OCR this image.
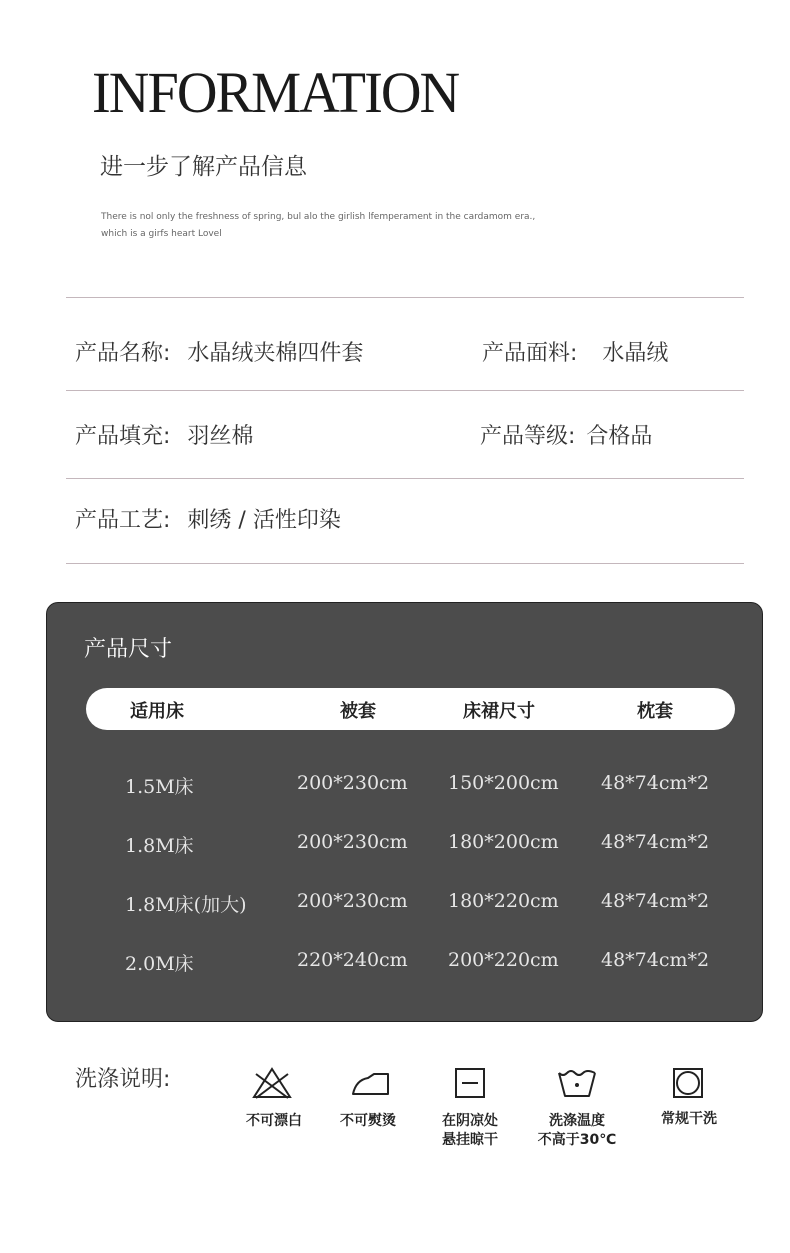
INFORMATION
进一步了解产品信息
There is nol only the freshness of spring, bul alo the girlish lfemperament in the cardamom era.,
which is a girfs heart Lovel
产品名称: 水晶绒夹棉四件套	产品面料: 水晶绒
产品填充: 羽丝棉	产品等级: 合格品
产品工艺: 刺绣 / 活性印染
产品尺寸
适用床	被套	床裙尺寸	枕套
1.5M床	200*230cm 150*200cm 48*74cm*2
1.8M床	200*230cm 180*200cm 48*74cm*2
1.8M床(加大)	200*230cm 180*220cm 48*74cm*2
2.0M床	220*240cm 200*220cm 48*74cm*2
洗涤说明:
不可漂白	不可熨烫	在阴凉处
悬挂晾干
洗涤温度
不高于30℃
常规干洗
